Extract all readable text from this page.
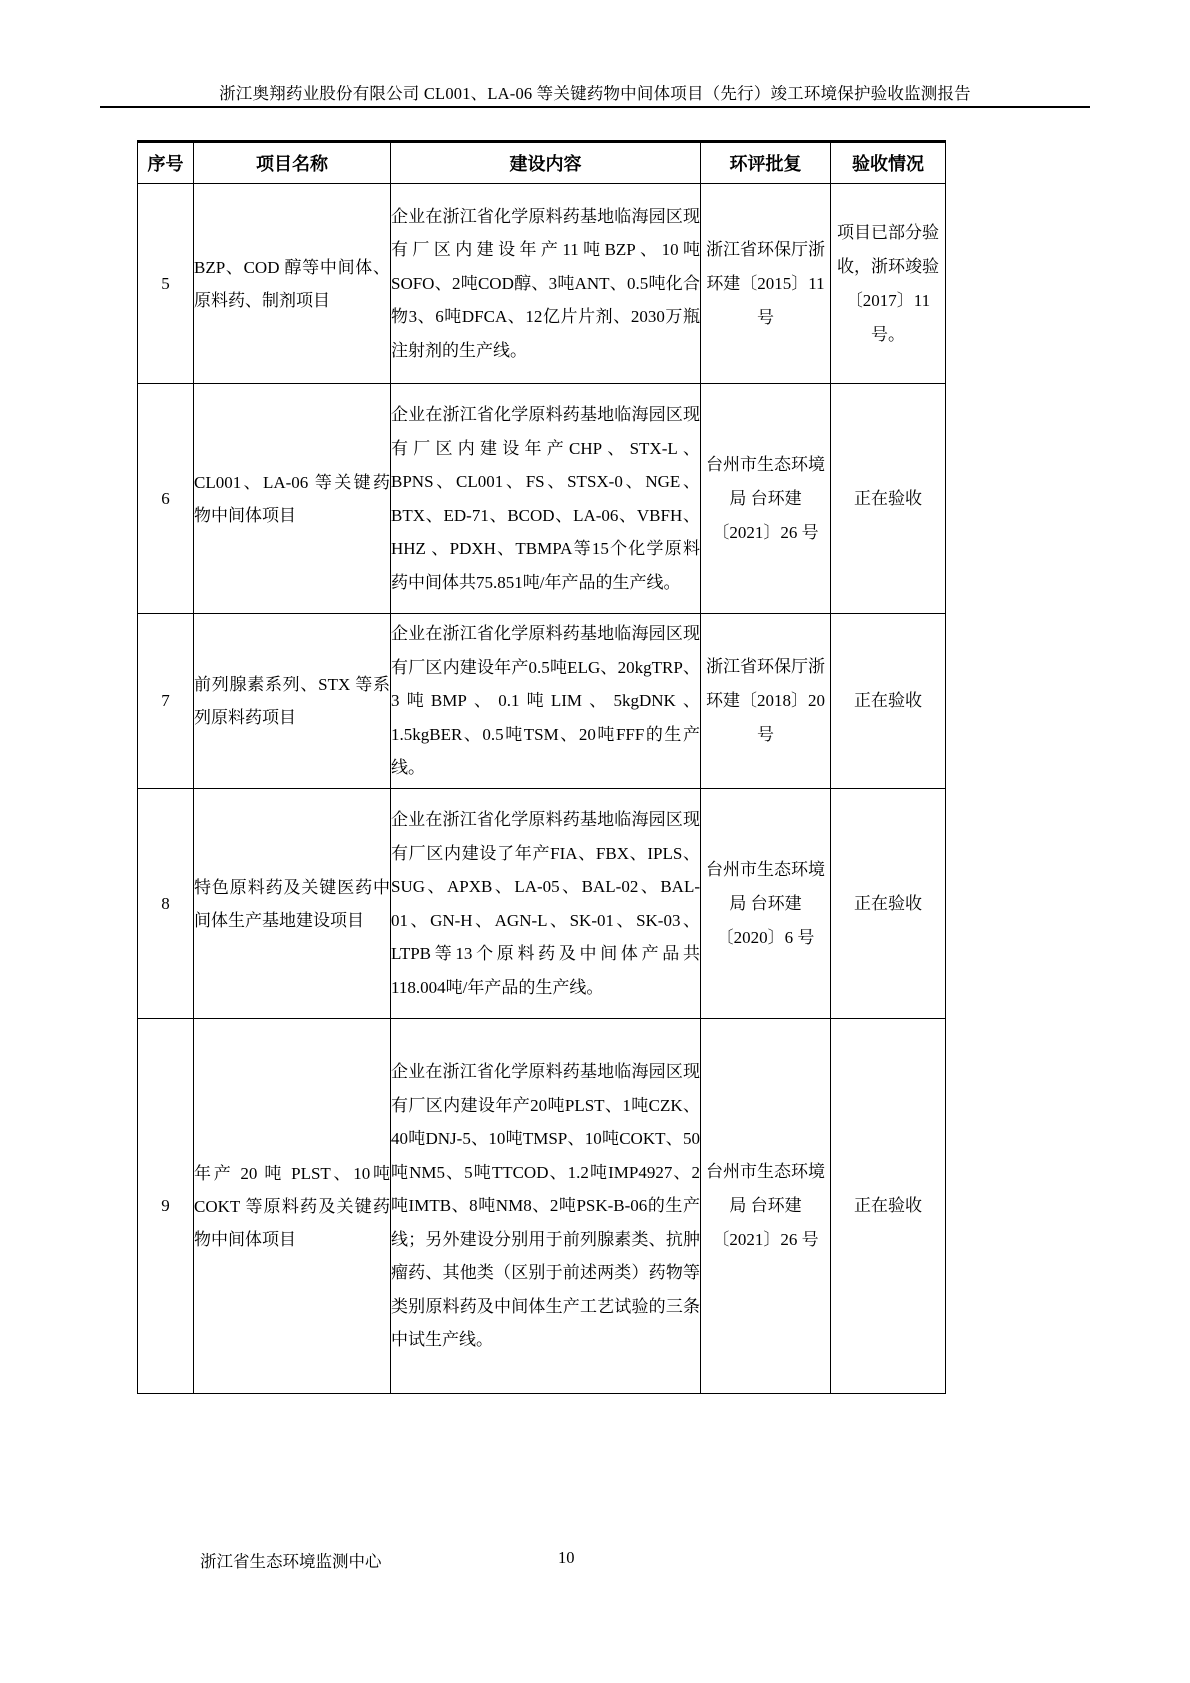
浙江奥翔药业股份有限公司 CL001、LA-06 等关键药物中间体项目（先行）竣工环境保护验收监测报告
序号	项目名称	建设内容	环评批复	验收情况
5	BZP、COD 醇等中间体、原料药、制剂项目	企业在浙江省化学原料药基地临海园区现有厂区内建设年产11吨BZP、10吨SOFO、2吨COD醇、3吨ANT、0.5吨化合物3、6吨DFCA、12亿片片剂、2030万瓶注射剂的生产线。	浙江省环保厅浙环建〔2015〕11 号	项目已部分验收，浙环竣验〔2017〕11 号。
6	CL001、LA-06 等关键药物中间体项目	企业在浙江省化学原料药基地临海园区现有厂区内建设年产CHP、STX-L、BPNS、CL001、FS、STSX-0、NGE、BTX、ED-71、BCOD、LA-06、VBFH、HHZ 、PDXH、TBMPA等15个化学原料药中间体共75.851吨/年产品的生产线。	台州市生态环境局 台环建〔2021〕26 号	正在验收
7	前列腺素系列、STX 等系列原料药项目	企业在浙江省化学原料药基地临海园区现有厂区内建设年产0.5吨ELG、20kgTRP、3吨BMP、0.1吨LIM、5kgDNK、1.5kgBER、0.5吨TSM、20吨FFF的生产线。	浙江省环保厅浙环建〔2018〕20 号	正在验收
8	特色原料药及关键医药中间体生产基地建设项目	企业在浙江省化学原料药基地临海园区现有厂区内建设了年产FIA、FBX、IPLS、SUG、APXB、LA-05、BAL-02、BAL-01、GN-H、AGN-L、SK-01、SK-03、LTPB等13个原料药及中间体产品共118.004吨/年产品的生产线。	台州市生态环境局 台环建〔2020〕6 号	正在验收
9	年产 20 吨 PLST、10吨 COKT 等原料药及关键药物中间体项目	企业在浙江省化学原料药基地临海园区现有厂区内建设年产20吨PLST、1吨CZK、40吨DNJ-5、10吨TMSP、10吨COKT、50吨NM5、5吨TTCOD、1.2吨IMP4927、2吨IMTB、8吨NM8、2吨PSK-B-06的生产线；另外建设分别用于前列腺素类、抗肿瘤药、其他类（区别于前述两类）药物等类别原料药及中间体生产工艺试验的三条中试生产线。	台州市生态环境局 台环建〔2021〕26 号	正在验收
浙江省生态环境监测中心	10
